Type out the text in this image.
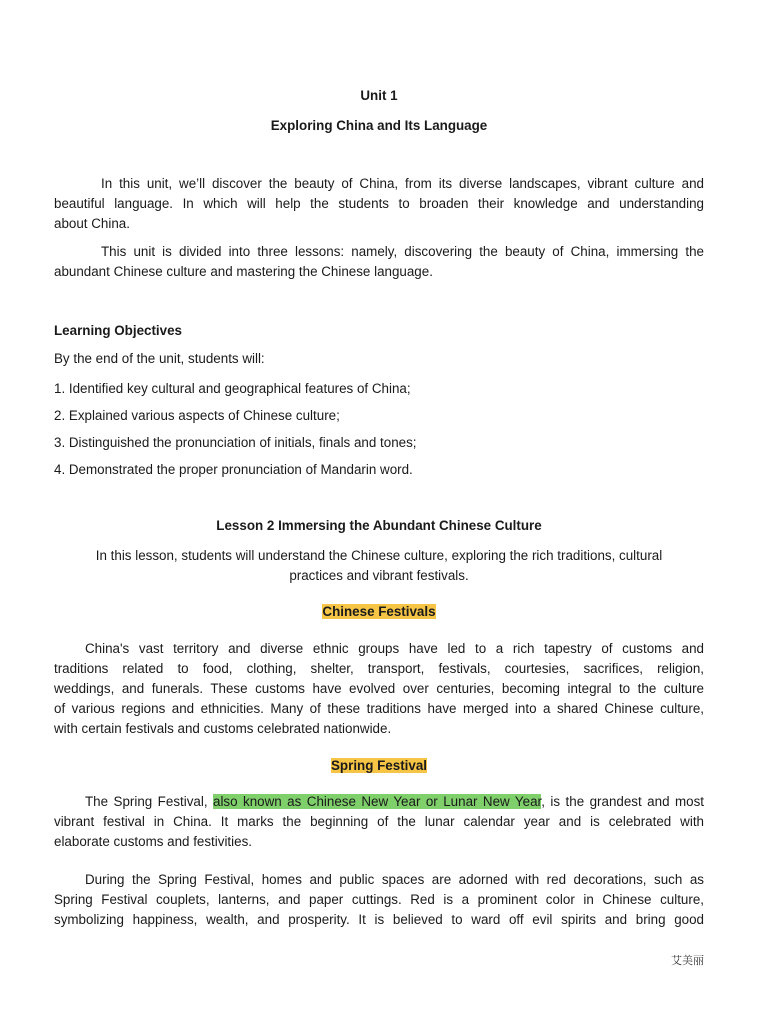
Unit 1

Exploring China and Its Language

In this unit, we’ll discover the beauty of China, from its diverse landscapes, vibrant culture and

beautiful language. In which will help the students to broaden their knowledge and understanding

about China.

This unit is divided into three lessons: namely, discovering the beauty of China, immersing the

abundant Chinese culture and mastering the Chinese language.

Learning Objectives

By the end of the unit, students will:

1. Identified key cultural and geographical features of China;

2. Explained various aspects of Chinese culture;

3. Distinguished the pronunciation of initials, finals and tones;

4. Demonstrated the proper pronunciation of Mandarin word.

Lesson 2 Immersing the Abundant Chinese Culture

In this lesson, students will understand the Chinese culture, exploring the rich traditions, cultural

practices and vibrant festivals.

Chinese Festivals

China's vast territory and diverse ethnic groups have led to a rich tapestry of customs and

traditions related to food, clothing, shelter, transport, festivals, courtesies, sacrifices, religion,

weddings, and funerals. These customs have evolved over centuries, becoming integral to the culture

of various regions and ethnicities. Many of these traditions have merged into a shared Chinese culture,

with certain festivals and customs celebrated nationwide.

Spring Festival

The Spring Festival, also known as Chinese New Year or Lunar New Year, is the grandest and most

vibrant festival in China. It marks the beginning of the lunar calendar year and is celebrated with

elaborate customs and festivities.

During the Spring Festival, homes and public spaces are adorned with red decorations, such as

Spring Festival couplets, lanterns, and paper cuttings. Red is a prominent color in Chinese culture,

symbolizing happiness, wealth, and prosperity. It is believed to ward off evil spirits and bring good

艾美丽
